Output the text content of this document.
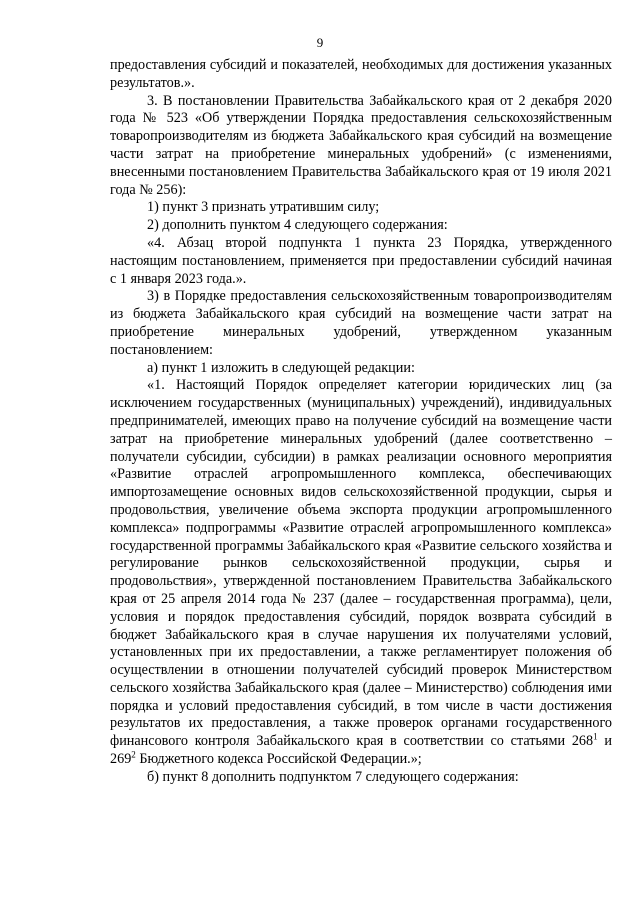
9

предоставления субсидий и показателей, необходимых для достижения указанных результатов.».

3. В постановлении Правительства Забайкальского края от 2 декабря 2020 года № 523 «Об утверждении Порядка предоставления сельскохозяйственным товаропроизводителям из бюджета Забайкальского края субсидий на возмещение части затрат на приобретение минеральных удобрений» (с изменениями, внесенными постановлением Правительства Забайкальского края от 19 июля 2021 года № 256):

1) пункт 3 признать утратившим силу;

2) дополнить пунктом 4 следующего содержания:

«4. Абзац второй подпункта 1 пункта 23 Порядка, утвержденного настоящим постановлением, применяется при предоставлении субсидий начиная с 1 января 2023 года.».

3) в Порядке предоставления сельскохозяйственным товаропроизводителям из бюджета Забайкальского края субсидий на возмещение части затрат на приобретение минеральных удобрений, утвержденном указанным постановлением:

а) пункт 1 изложить в следующей редакции:

«1. Настоящий Порядок определяет категории юридических лиц (за исключением государственных (муниципальных) учреждений), индивидуальных предпринимателей, имеющих право на получение субсидий на возмещение части затрат на приобретение минеральных удобрений (далее соответственно – получатели субсидии, субсидии) в рамках реализации основного мероприятия «Развитие отраслей агропромышленного комплекса, обеспечивающих импортозамещение основных видов сельскохозяйственной продукции, сырья и продовольствия, увеличение объема экспорта продукции агропромышленного комплекса» подпрограммы «Развитие отраслей агропромышленного комплекса» государственной программы Забайкальского края «Развитие сельского хозяйства и регулирование рынков сельскохозяйственной продукции, сырья и продовольствия», утвержденной постановлением Правительства Забайкальского края от 25 апреля 2014 года № 237 (далее – государственная программа), цели, условия и порядок предоставления субсидий, порядок возврата субсидий в бюджет Забайкальского края в случае нарушения их получателями условий, установленных при их предоставлении, а также регламентирует положения об осуществлении в отношении получателей субсидий проверок Министерством сельского хозяйства Забайкальского края (далее – Министерство) соблюдения ими порядка и условий предоставления субсидий, в том числе в части достижения результатов их предоставления, а также проверок органами государственного финансового контроля Забайкальского края в соответствии со статьями $268^1$ и $269^2$ Бюджетного кодекса Российской Федерации.»;

б) пункт 8 дополнить подпунктом 7 следующего содержания:
